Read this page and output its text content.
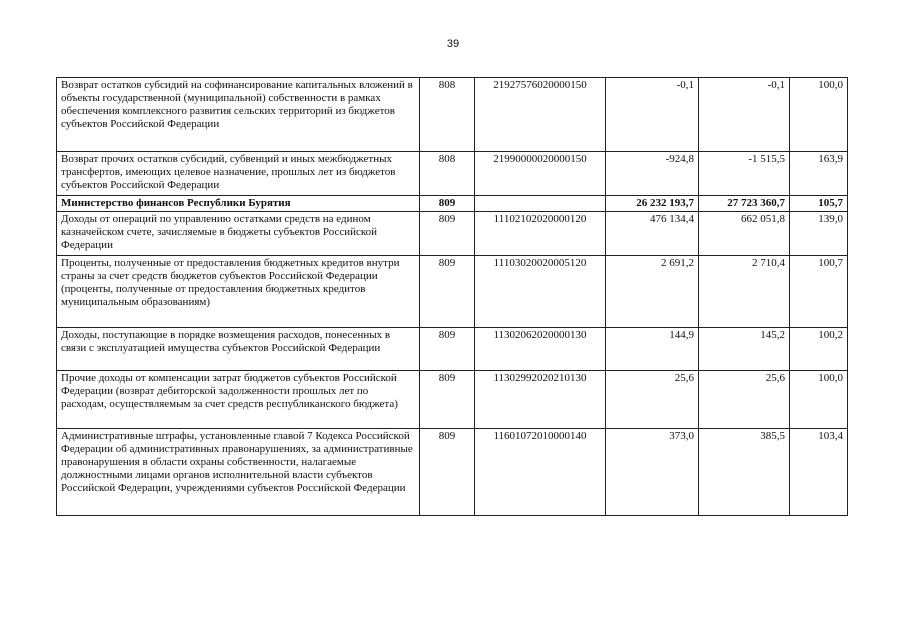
39
Возврат остатков субсидий на софинансирование капитальных вложений в объекты государственной (муниципальной) собственности в рамках обеспечения комплексного развития сельских территорий из бюджетов субъектов Российской Федерации	808	21927576020000150	-0,1	-0,1	100,0
Возврат прочих остатков субсидий, субвенций и иных межбюджетных трансфертов, имеющих целевое назначение, прошлых лет из бюджетов субъектов Российской Федерации	808	21990000020000150	-924,8	-1 515,5	163,9
Министерство финансов Республики Бурятия	809		26 232 193,7	27 723 360,7	105,7
Доходы от операций по управлению остатками средств на едином казначейском счете, зачисляемые в бюджеты субъектов Российской Федерации	809	11102102020000120	476 134,4	662 051,8	139,0
Проценты, полученные от предоставления бюджетных кредитов внутри страны за счет средств бюджетов субъектов Российской Федерации (проценты, полученные от предоставления бюджетных кредитов муниципальным образованиям)	809	11103020020005120	2 691,2	2 710,4	100,7
Доходы, поступающие в порядке возмещения расходов, понесенных в связи с эксплуатацией имущества субъектов Российской Федерации	809	11302062020000130	144,9	145,2	100,2
Прочие доходы от компенсации затрат бюджетов субъектов Российской Федерации (возврат дебиторской задолженности прошлых лет по расходам, осуществляемым за счет средств республиканского бюджета)	809	11302992020210130	25,6	25,6	100,0
Административные штрафы, установленные главой 7 Кодекса Российской Федерации об административных правонарушениях, за административные правонарушения в области охраны собственности, налагаемые должностными лицами органов исполнительной власти субъектов Российской Федерации, учреждениями субъектов Российской Федерации	809	11601072010000140	373,0	385,5	103,4
